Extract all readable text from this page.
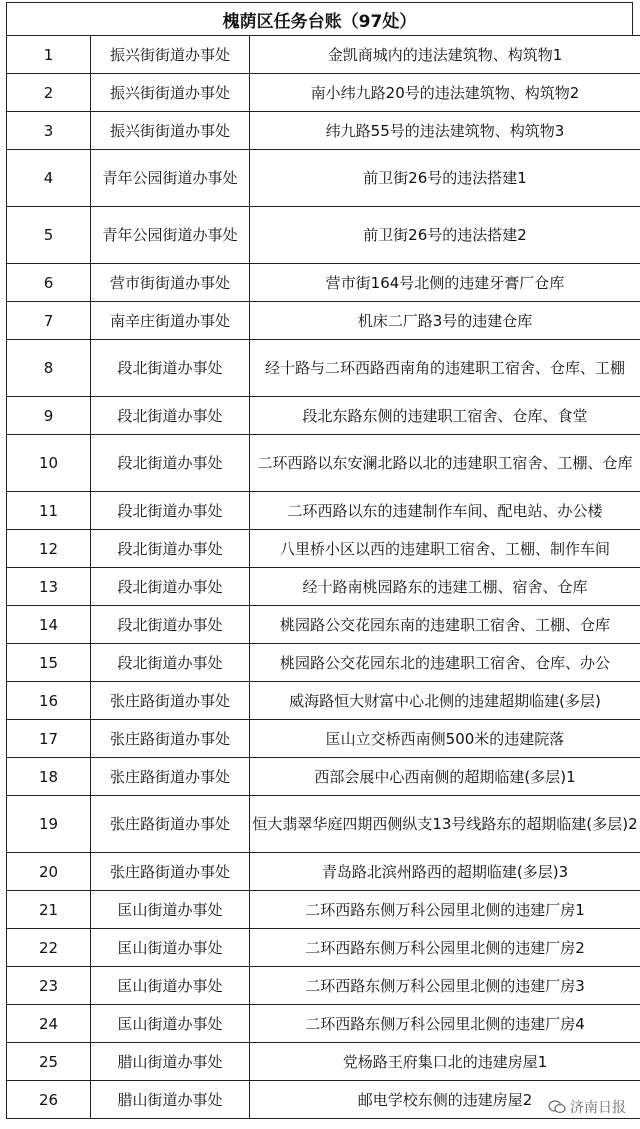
槐荫区任务台账（97处）
1	振兴街街道办事处	金凯商城内的违法建筑物、构筑物1
2	振兴街街道办事处	南小纬九路20号的违法建筑物、构筑物2
3	振兴街街道办事处	纬九路55号的违法建筑物、构筑物3
4	青年公园街道办事处	前卫街26号的违法搭建1
5	青年公园街道办事处	前卫街26号的违法搭建2
6	营市街街道办事处	营市街164号北侧的违建牙膏厂仓库
7	南辛庄街道办事处	机床二厂路3号的违建仓库
8	段北街道办事处	经十路与二环西路西南角的违建职工宿舍、仓库、工棚
9	段北街道办事处	段北东路东侧的违建职工宿舍、仓库、食堂
10	段北街道办事处	二环西路以东安澜北路以北的违建职工宿舍、工棚、仓库
11	段北街道办事处	二环西路以东的违建制作车间、配电站、办公楼
12	段北街道办事处	八里桥小区以西的违建职工宿舍、工棚、制作车间
13	段北街道办事处	经十路南桃园路东的违建工棚、宿舍、仓库
14	段北街道办事处	桃园路公交花园东南的违建职工宿舍、工棚、仓库
15	段北街道办事处	桃园路公交花园东北的违建职工宿舍、仓库、办公
16	张庄路街道办事处	威海路恒大财富中心北侧的违建超期临建(多层)
17	张庄路街道办事处	匡山立交桥西南侧500米的违建院落
18	张庄路街道办事处	西部会展中心西南侧的超期临建(多层)1
19	张庄路街道办事处	恒大翡翠华庭四期西侧纵支13号线路东的超期临建(多层)2
20	张庄路街道办事处	青岛路北滨州路西的超期临建(多层)3
21	匡山街道办事处	二环西路东侧万科公园里北侧的违建厂房1
22	匡山街道办事处	二环西路东侧万科公园里北侧的违建厂房2
23	匡山街道办事处	二环西路东侧万科公园里北侧的违建厂房3
24	匡山街道办事处	二环西路东侧万科公园里北侧的违建厂房4
25	腊山街道办事处	党杨路王府集口北的违建房屋1
26	腊山街道办事处	邮电学校东侧的违建房屋2	济南日报
